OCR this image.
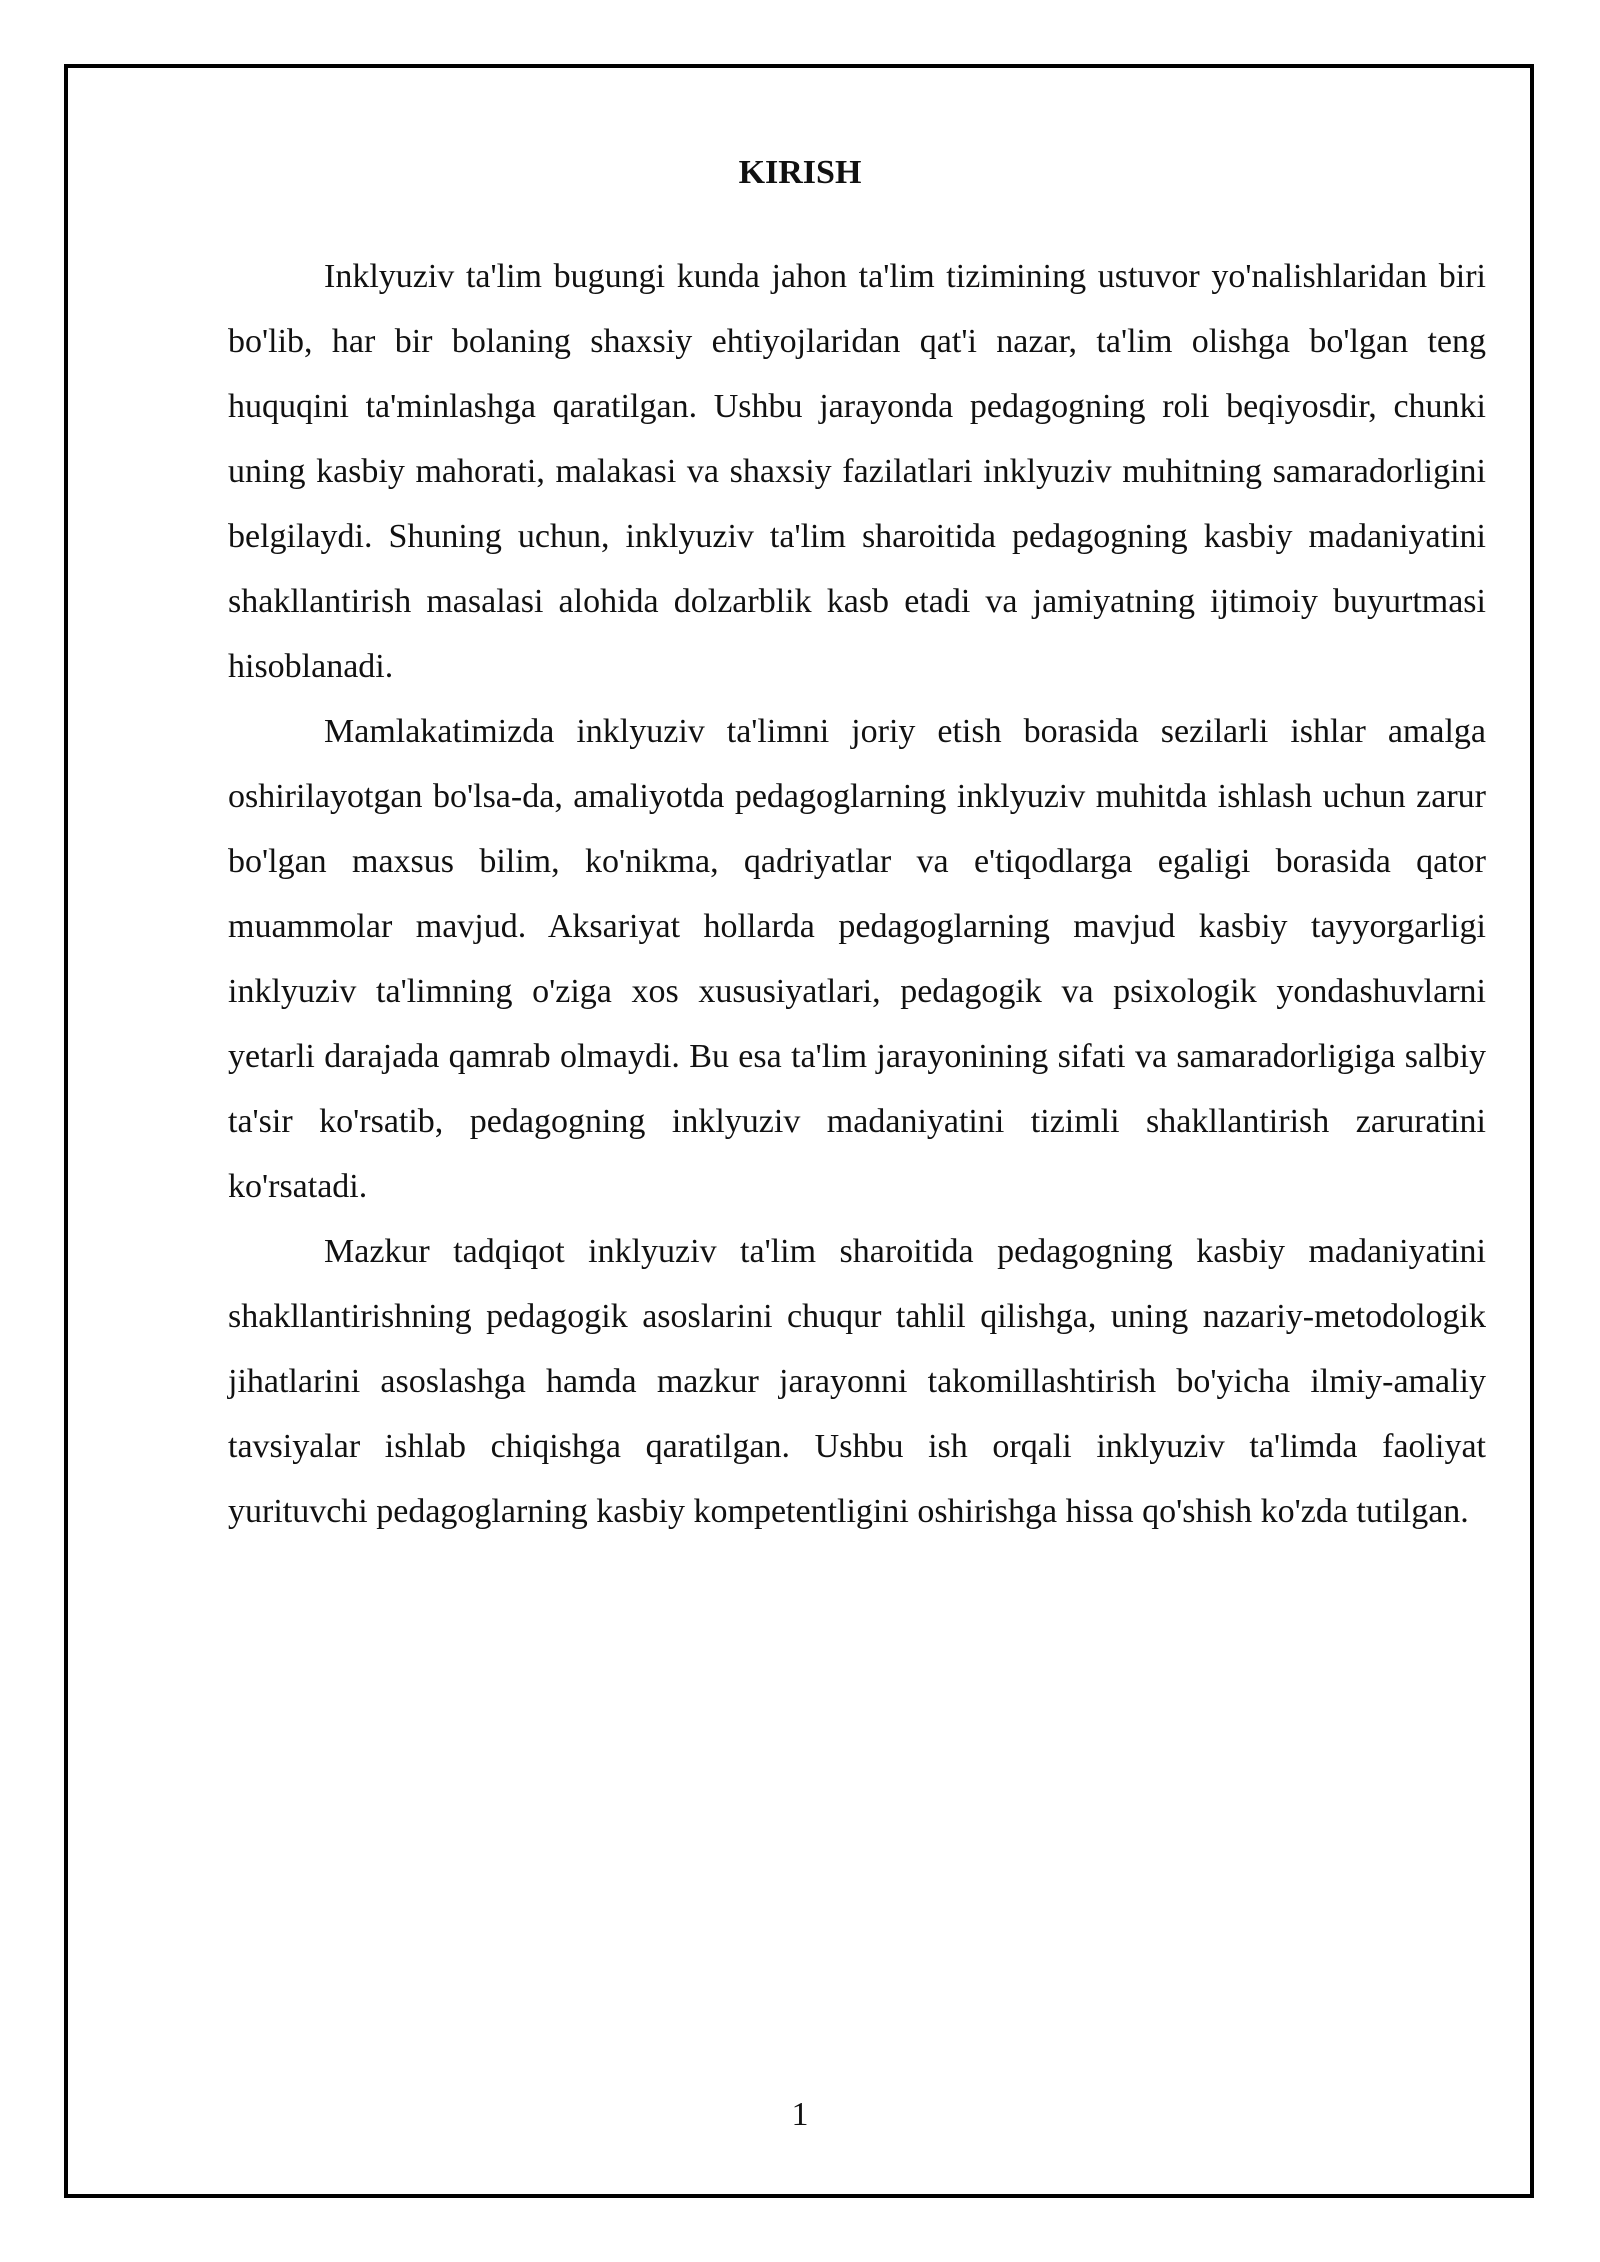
KIRISH

Inklyuziv ta'lim bugungi kunda jahon ta'lim tizimining ustuvor yo'nalishlaridan biri bo'lib, har bir bolaning shaxsiy ehtiyojlaridan qat'i nazar, ta'lim olishga bo'lgan teng huquqini ta'minlashga qaratilgan. Ushbu jarayonda pedagogning roli beqiyosdir, chunki uning kasbiy mahorati, malakasi va shaxsiy fazilatlari inklyuziv muhitning samaradorligini belgilaydi. Shuning uchun, inklyuziv ta'lim sharoitida pedagogning kasbiy madaniyatini shakllantirish masalasi alohida dolzarblik kasb etadi va jamiyatning ijtimoiy buyurtmasi hisoblanadi.

Mamlakatimizda inklyuziv ta'limni joriy etish borasida sezilarli ishlar amalga oshirilayotgan bo'lsa-da, amaliyotda pedagoglarning inklyuziv muhitda ishlash uchun zarur bo'lgan maxsus bilim, ko'nikma, qadriyatlar va e'tiqodlarga egaligi borasida qator muammolar mavjud. Aksariyat hollarda pedagoglarning mavjud kasbiy tayyorgarligi inklyuziv ta'limning o'ziga xos xususiyatlari, pedagogik va psixologik yondashuvlarni yetarli darajada qamrab olmaydi. Bu esa ta'lim jarayonining sifati va samaradorligiga salbiy ta'sir ko'rsatib, pedagogning inklyuziv madaniyatini tizimli shakllantirish zaruratini ko'rsatadi.

Mazkur tadqiqot inklyuziv ta'lim sharoitida pedagogning kasbiy madaniyatini shakllantirishning pedagogik asoslarini chuqur tahlil qilishga, uning nazariy-metodologik jihatlarini asoslashga hamda mazkur jarayonni takomillashtirish bo'yicha ilmiy-amaliy tavsiyalar ishlab chiqishga qaratilgan. Ushbu ish orqali inklyuziv ta'limda faoliyat yurituvchi pedagoglarning kasbiy kompetentligini oshirishga hissa qo'shish ko'zda tutilgan.

1
